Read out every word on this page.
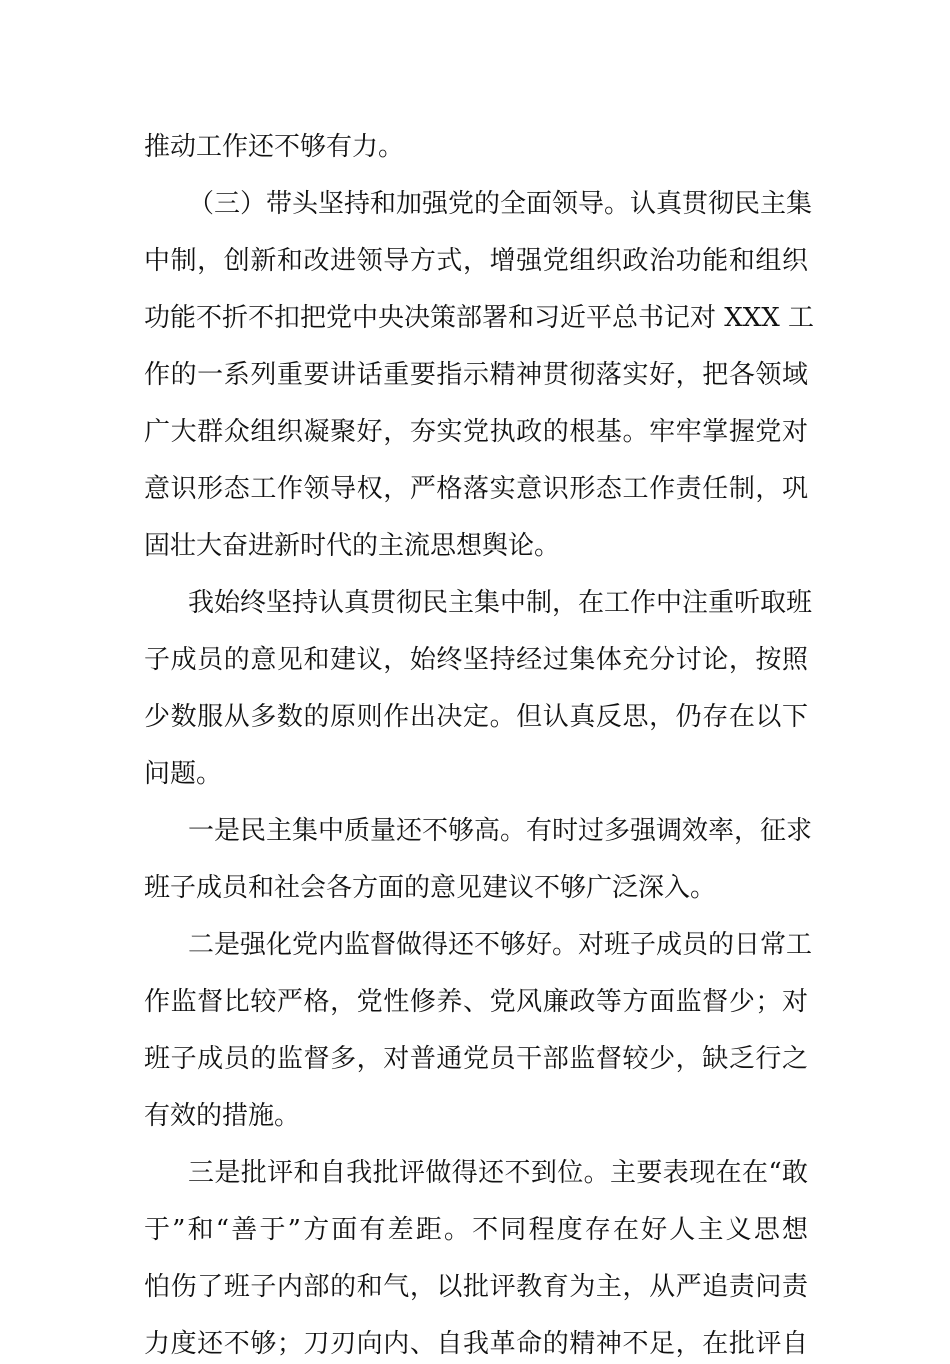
推动工作还不够有力。
（三）带头坚持和加强党的全面领导。认真贯彻民主集
中制，创新和改进领导方式，增强党组织政治功能和组织
功能不折不扣把党中央决策部署和习近平总书记对 XXX 工
作的一系列重要讲话重要指示精神贯彻落实好，把各领域
广大群众组织凝聚好，夯实党执政的根基。牢牢掌握党对
意识形态工作领导权，严格落实意识形态工作责任制，巩
固壮大奋进新时代的主流思想舆论。
我始终坚持认真贯彻民主集中制，在工作中注重听取班
子成员的意见和建议，始终坚持经过集体充分讨论，按照
少数服从多数的原则作出决定。但认真反思，仍存在以下
问题。
一是民主集中质量还不够高。有时过多强调效率，征求
班子成员和社会各方面的意见建议不够广泛深入。
二是强化党内监督做得还不够好。对班子成员的日常工
作监督比较严格，党性修养、党风廉政等方面监督少；对
班子成员的监督多，对普通党员干部监督较少，缺乏行之
有效的措施。
三是批评和自我批评做得还不到位。主要表现在在“敢
于”和“善于”方面有差距。不同程度存在好人主义思想
怕伤了班子内部的和气，以批评教育为主，从严追责问责
力度还不够；刀刃向内、自我革命的精神不足，在批评自
